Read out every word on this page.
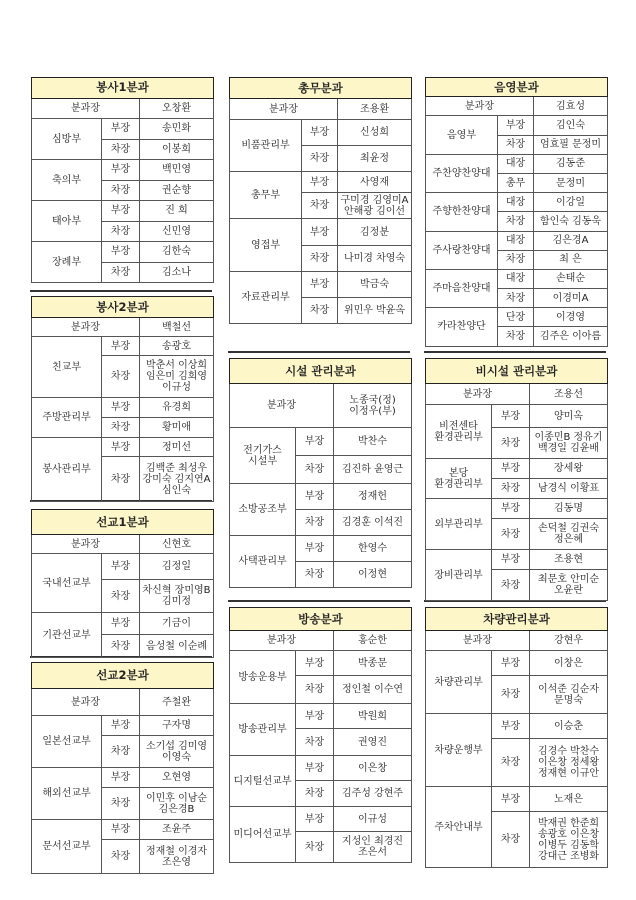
봉사1분과		
분과장		오창환
심방부	부장	송민화
	차장	이봉희
축의부	부장	백민영
	차장	권순향
태아부	부장	진 희
	차장	신민영
장례부	부장	김한숙
	차장	김소나
총무분과		
분과장		조용환
비품관리부	부장	신성희
	차장	최윤정
총무부	부장	사영재
	차장	구미경 김영미A
안해광 김이선
영접부	부장	김정분
	차장	나미경 차영숙
자료관리부	부장	박금숙
	차장	위민우 박윤옥
음영분과		
분과장		김효성
음영부	부장	김인숙
	차장	엄효필 문정미
주찬양찬양대	대장	김동준
	총무	문정미
주향한찬양대	대장	이강일
	차장	함인숙 김동욱
주사랑찬양대	대장	김은경A
	차장	최 은
주마음찬양대	대장	손태순
	차장	이경미A
카라찬양단	단장	이경영
	차장	김주은 이아름
봉사2분과		
분과장		백철선
친교부	부장	송광호
	차장	박춘서 이상희
임은미 김희영
이규성
주방관리부	부장	유경희
	차장	황미애
봉사관리부	부장	정미선
	차장	김백준 최성우
강미숙 김지연A
심인숙
시설 관리분과		
분과장		노종국(정)
이정우(부)
전기가스
시설부	부장	박찬수
	차장	김진하 윤영근
소방공조부	부장	정재헌
	차장	김경훈 이석진
사택관리부	부장	한영수
	차장	이정현
비시설 관리분과		
분과장		조용선
비전센타
환경관리부	부장	양미옥
	차장	이종민B 정유기
백경일 김윤배
본당
환경관리부	부장	장세왕
	차장	남경식 이황표
외부관리부	부장	김동명
	차장	손덕철 김권숙
정은혜
장비관리부	부장	조용현
	차장	최문호 안미순
오윤란
선교1분과		
분과장		신현호
국내선교부	부장	김정일
	차장	차신혁 장미영B
김미정
기관선교부	부장	기금이
	차장	음성철 이순례
선교2분과		
분과장		주철완
일본선교부	부장	구자명
	차장	소기섭 김미영
이영숙
해외선교부	부장	오현영
	차장	이민후 이남순
김은경B
문서선교부	부장	조윤주
	차장	정재철 이경자
조은영
방송분과		
분과장		홍순한
방송운용부	부장	박종문
	차장	정인철 이수연
방송관리부	부장	박원희
	차장	권영진
디지털선교부	부장	이은창
	차장	김주성 강현주
미디어선교부	부장	이규성
	차장	지성인 최경진
조은서
차량관리분과		
분과장		강현우
차량관리부	부장	이창은
	차장	이석준 김순자
문명숙
차량운행부	부장	이승춘
	차장	김경수 박찬수
이은창 정세왕
정재현 이규안
주차안내부	부장	노재은
	차장	박재권 한준희
송광호 이은창
이병두 김동학
강대근 조병화
